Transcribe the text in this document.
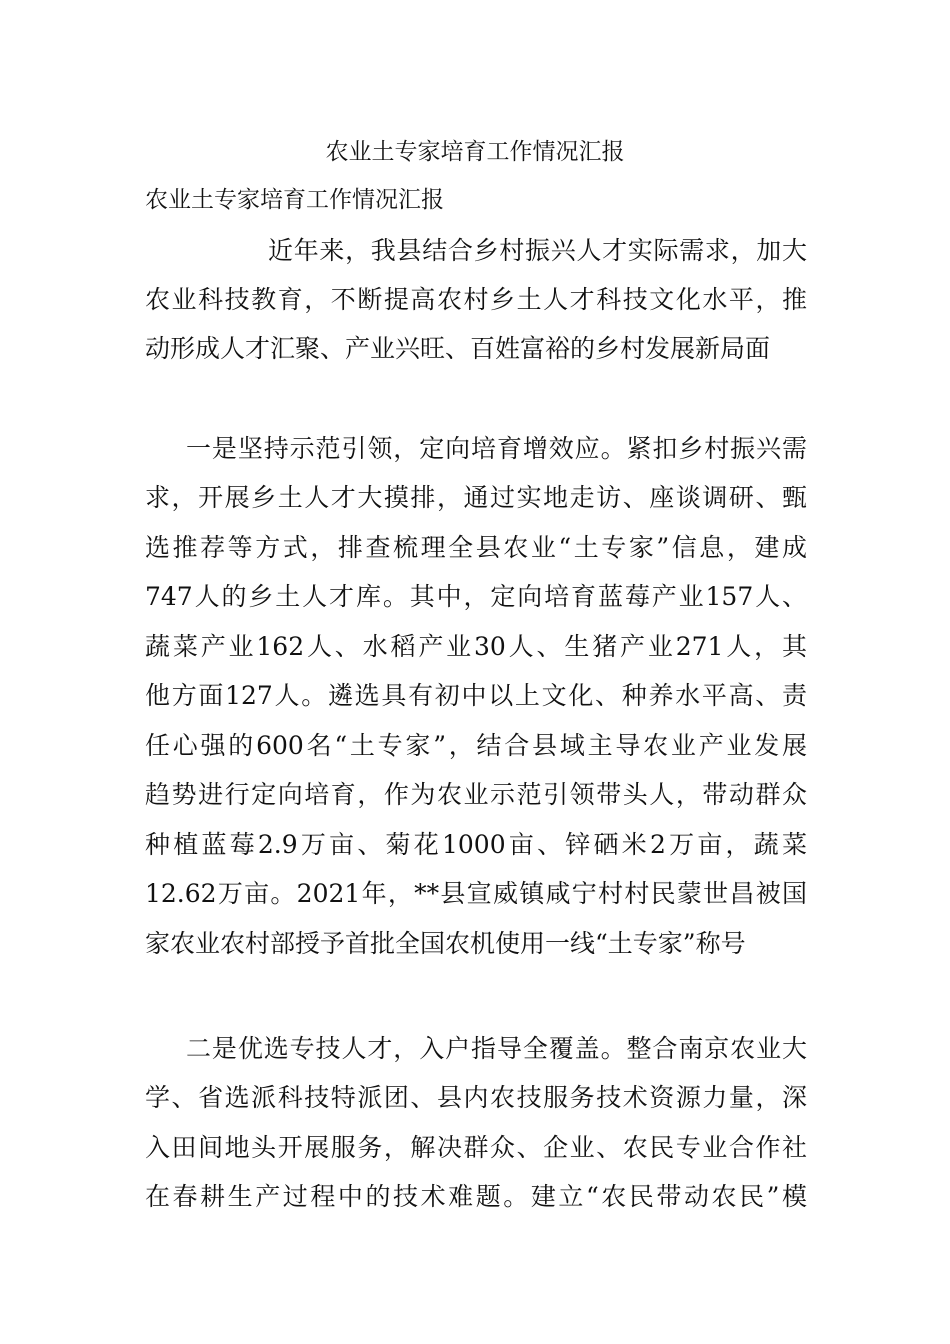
农业土专家培育工作情况汇报
农业土专家培育工作情况汇报
近年来，我县结合乡村振兴人才实际需求，加大
农业科技教育，不断提高农村乡土人才科技文化水平，推
动形成人才汇聚、产业兴旺、百姓富裕的乡村发展新局面
一是坚持示范引领，定向培育增效应。紧扣乡村振兴需
求，开展乡土人才大摸排，通过实地走访、座谈调研、甄
选推荐等方式，排查梳理全县农业“土专家”信息，建成
747人的乡土人才库。其中，定向培育蓝莓产业157人、
蔬菜产业162人、水稻产业30人、生猪产业271人，其
他方面127人。遴选具有初中以上文化、种养水平高、责
任心强的600名“土专家”，结合县域主导农业产业发展
趋势进行定向培育，作为农业示范引领带头人，带动群众
种植蓝莓2.9万亩、菊花1000亩、锌硒米2万亩，蔬菜
12.62万亩。2021年，**县宣威镇咸宁村村民蒙世昌被国
家农业农村部授予首批全国农机使用一线“土专家”称号
二是优选专技人才，入户指导全覆盖。整合南京农业大
学、省选派科技特派团、县内农技服务技术资源力量，深
入田间地头开展服务，解决群众、企业、农民专业合作社
在春耕生产过程中的技术难题。建立“农民带动农民”模
